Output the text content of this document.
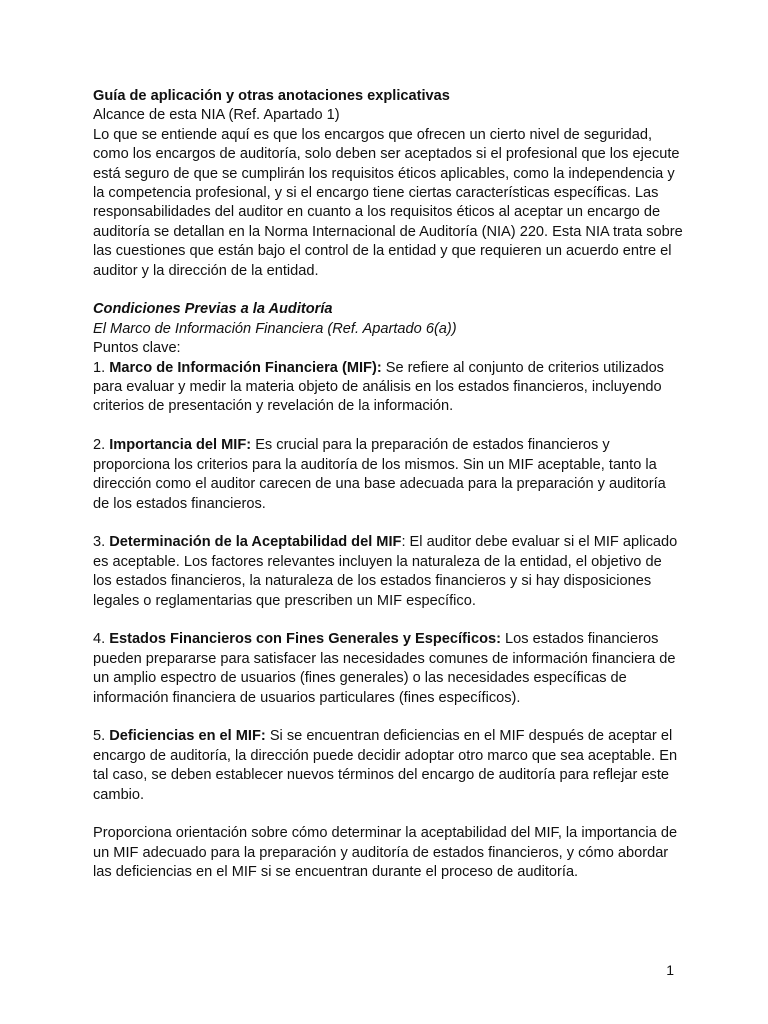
Guía de aplicación y otras anotaciones explicativas

Alcance de esta NIA (Ref. Apartado 1)

Lo que se entiende aquí es que los encargos que ofrecen un cierto nivel de seguridad, como los encargos de auditoría, solo deben ser aceptados si el profesional que los ejecute está seguro de que se cumplirán los requisitos éticos aplicables, como la independencia y la competencia profesional, y si el encargo tiene ciertas características específicas. Las responsabilidades del auditor en cuanto a los requisitos éticos al aceptar un encargo de auditoría se detallan en la Norma Internacional de Auditoría (NIA) 220. Esta NIA trata sobre las cuestiones que están bajo el control de la entidad y que requieren un acuerdo entre el auditor y la dirección de la entidad.

Condiciones Previas a la Auditoría

El Marco de Información Financiera (Ref. Apartado 6(a))

Puntos clave:

1. Marco de Información Financiera (MIF): Se refiere al conjunto de criterios utilizados para evaluar y medir la materia objeto de análisis en los estados financieros, incluyendo criterios de presentación y revelación de la información.

2. Importancia del MIF: Es crucial para la preparación de estados financieros y proporciona los criterios para la auditoría de los mismos. Sin un MIF aceptable, tanto la dirección como el auditor carecen de una base adecuada para la preparación y auditoría de los estados financieros.

3. Determinación de la Aceptabilidad del MIF: El auditor debe evaluar si el MIF aplicado es aceptable. Los factores relevantes incluyen la naturaleza de la entidad, el objetivo de los estados financieros, la naturaleza de los estados financieros y si hay disposiciones legales o reglamentarias que prescriben un MIF específico.

4. Estados Financieros con Fines Generales y Específicos: Los estados financieros pueden prepararse para satisfacer las necesidades comunes de información financiera de un amplio espectro de usuarios (fines generales) o las necesidades específicas de información financiera de usuarios particulares (fines específicos).

5. Deficiencias en el MIF: Si se encuentran deficiencias en el MIF después de aceptar el encargo de auditoría, la dirección puede decidir adoptar otro marco que sea aceptable. En tal caso, se deben establecer nuevos términos del encargo de auditoría para reflejar este cambio.

Proporciona orientación sobre cómo determinar la aceptabilidad del MIF, la importancia de un MIF adecuado para la preparación y auditoría de estados financieros, y cómo abordar las deficiencias en el MIF si se encuentran durante el proceso de auditoría.

1
